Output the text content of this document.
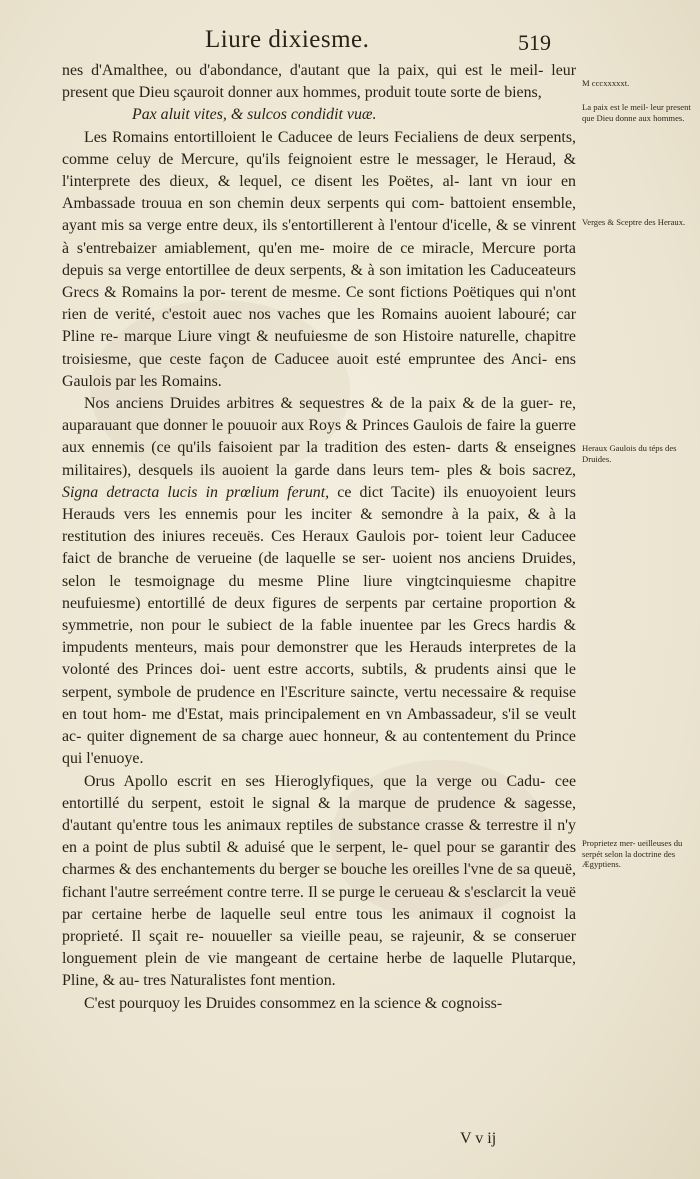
Liure dixiesme.	519

nes d'Amalthee, ou d'abondance, d'autant que la paix, qui est le meil- leur present que Dieu sçauroit donner aux hommes, produit toute sorte de biens,

Pax aluit vites, & sulcos condidit vuæ.

Les Romains entortilloient le Caducee de leurs Fecialiens de deux serpents, comme celuy de Mercure, qu'ils feignoient estre le messager, le Heraud, & l'interprete des dieux, & lequel, ce disent les Poëtes, al- lant vn iour en Ambassade trouua en son chemin deux serpents qui com- battoient ensemble, ayant mis sa verge entre deux, ils s'entortillerent à l'entour d'icelle, & se vinrent à s'entrebaizer amiablement, qu'en me- moire de ce miracle, Mercure porta depuis sa verge entortillee de deux serpents, & à son imitation les Caduceateurs Grecs & Romains la por- terent de mesme. Ce sont fictions Poëtiques qui n'ont rien de verité, c'estoit auec nos vaches que les Romains auoient labouré; car Pline re- marque Liure vingt & neufuiesme de son Histoire naturelle, chapitre troisiesme, que ceste façon de Caducee auoit esté empruntee des Anci- ens Gaulois par les Romains.

Nos anciens Druides arbitres & sequestres & de la paix & de la guer- re, auparauant que donner le pouuoir aux Roys & Princes Gaulois de faire la guerre aux ennemis (ce qu'ils faisoient par la tradition des esten- darts & enseignes militaires), desquels ils auoient la garde dans leurs tem- ples & bois sacrez, Signa detracta lucis in prœlium ferunt, ce dict Tacite) ils enuoyoient leurs Herauds vers les ennemis pour les inciter & semondre à la paix, & à la restitution des iniures receuës. Ces Heraux Gaulois por- toient leur Caducee faict de branche de verueine (de laquelle se ser- uoient nos anciens Druides, selon le tesmoignage du mesme Pline liure vingtcinquiesme chapitre neufuiesme) entortillé de deux figures de serpents par certaine proportion & symmetrie, non pour le subiect de la fable inuentee par les Grecs hardis & impudents menteurs, mais pour demonstrer que les Herauds interpretes de la volonté des Princes doi- uent estre accorts, subtils, & prudents ainsi que le serpent, symbole de prudence en l'Escriture saincte, vertu necessaire & requise en tout hom- me d'Estat, mais principalement en vn Ambassadeur, s'il se veult ac- quiter dignement de sa charge auec honneur, & au contentement du Prince qui l'enuoye.

Orus Apollo escrit en ses Hieroglyfiques, que la verge ou Cadu- cee entortillé du serpent, estoit le signal & la marque de prudence & sagesse, d'autant qu'entre tous les animaux reptiles de substance crasse & terrestre il n'y en a point de plus subtil & aduisé que le serpent, le- quel pour se garantir des charmes & des enchantements du berger se bouche les oreilles l'vne de sa queuë, fichant l'autre serreément contre terre. Il se purge le cerueau & s'esclarcit la veuë par certaine herbe de laquelle seul entre tous les animaux il cognoist la proprieté. Il sçait re- nouueller sa vieille peau, se rajeunir, & se conseruer longuement plein de vie mangeant de certaine herbe de laquelle Plutarque, Pline, & au- tres Naturalistes font mention.

C'est pourquoy les Druides consommez en la science & cognoiss-

M cccxxxxxt.
La paix est le meil- leur present que Dieu donne aux hommes.
Verges & Sceptre des Heraux.
Heraux Gaulois du téps des Druides.
Proprietez mer- ueilleuses du serpét selon la doctrine des Ægyptiens.
V v ij
